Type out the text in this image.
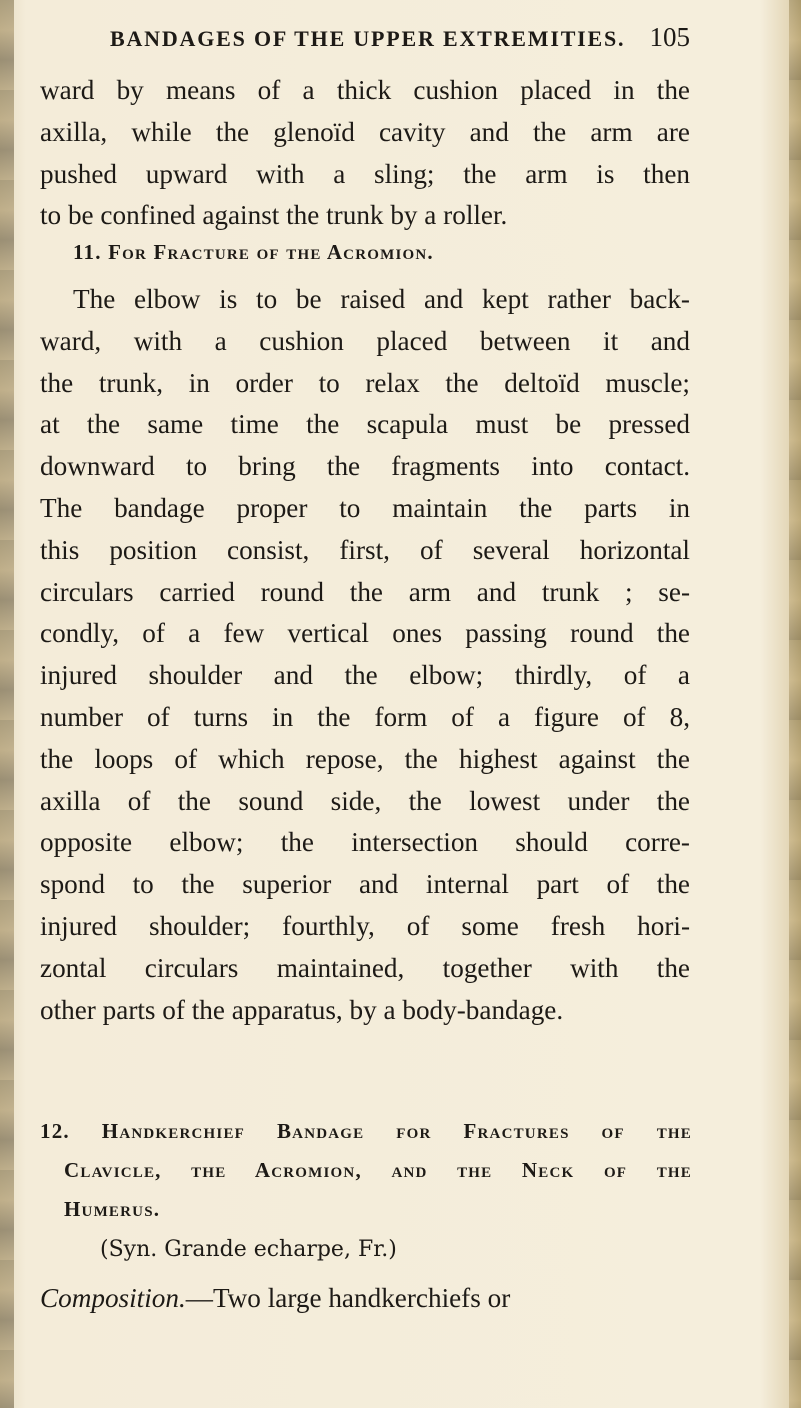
BANDAGES OF THE UPPER EXTREMITIES. 105
ward by means of a thick cushion placed in the
axilla, while the glenoïd cavity and the arm are
pushed upward with a sling; the arm is then
to be confined against the trunk by a roller.
11. For Fracture of the Acromion.
The elbow is to be raised and kept rather back-
ward, with a cushion placed between it and
the trunk, in order to relax the deltoïd muscle;
at the same time the scapula must be pressed
downward to bring the fragments into contact.
The bandage proper to maintain the parts in
this position consist, first, of several horizontal
circulars carried round the arm and trunk ; se-
condly, of a few vertical ones passing round the
injured shoulder and the elbow; thirdly, of a
number of turns in the form of a figure of 8,
the loops of which repose, the highest against the
axilla of the sound side, the lowest under the
opposite elbow; the intersection should corre-
spond to the superior and internal part of the
injured shoulder; fourthly, of some fresh hori-
zontal circulars maintained, together with the
other parts of the apparatus, by a body-bandage.
12. Handkerchief Bandage for Fractures of the
Clavicle, the Acromion, and the Neck of the
Humerus.
(Syn. Grande echarpe, Fr.)
Composition.—Two large handkerchiefs or
